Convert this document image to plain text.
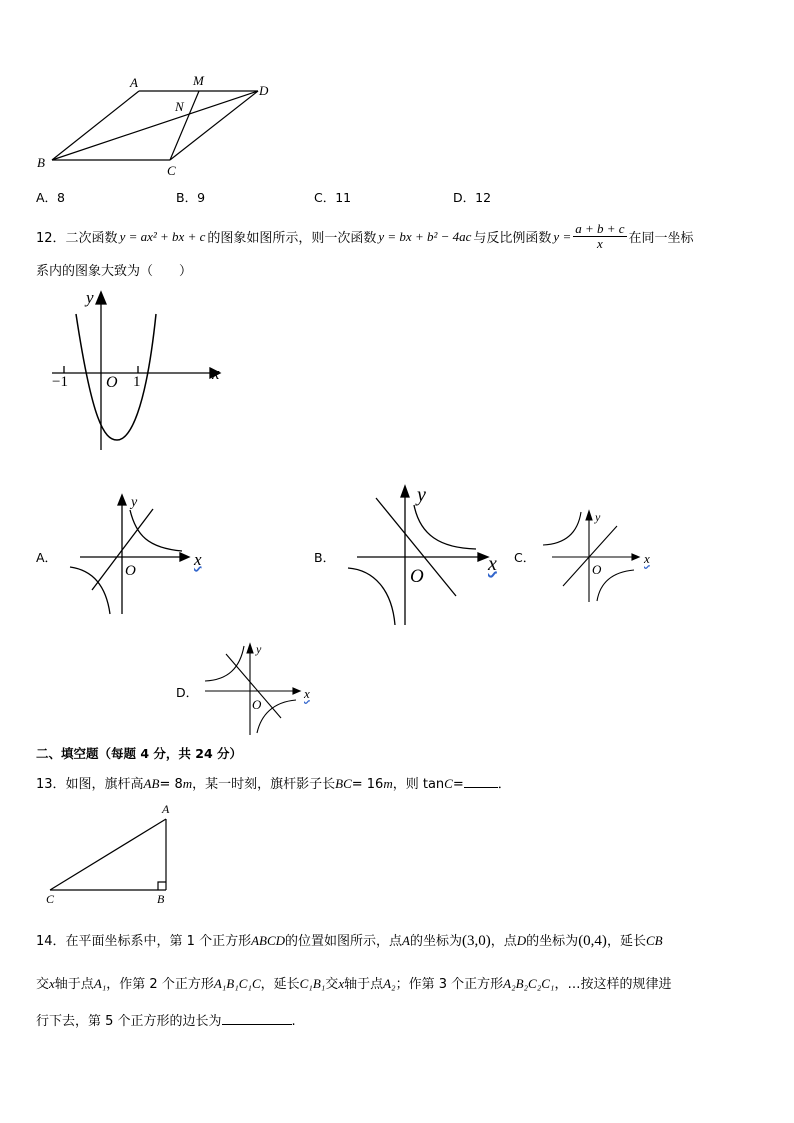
A	M
D
N
B
C
A．8	B．9	C．11	D．12
12． 二次函数 y = ax² + bx + c 的图象如图所示，则一次函数 y = bx + b² − 4ac 与反比例函数 $y = \frac{a + b + c}{x}$ 在同一坐标
系内的图象大致为（　　）
y
x
O
−1	1
A．
y
x
O
B．
y
x
O
C．
y
x
O
D．
y
x
O
二、填空题（每题 4 分，共 24 分）
13．如图，旗杆高AB= 8m，某一时刻，旗杆影子长BC= 16m，则 tanC=	．
A
B
C
14．在平面坐标系中，第 1 个正方形ABCD的位置如图所示，点A的坐标为(3,0)，点D的坐标为(0,4)，延长CB
交x轴于点A₁，作第 2 个正方形A₁B₁C₁C，延长C₁B₁交x轴于点A₂；作第 3 个正方形A₂B₂C₂C₁，…按这样的规律进
行下去，第 5 个正方形的边长为	.
